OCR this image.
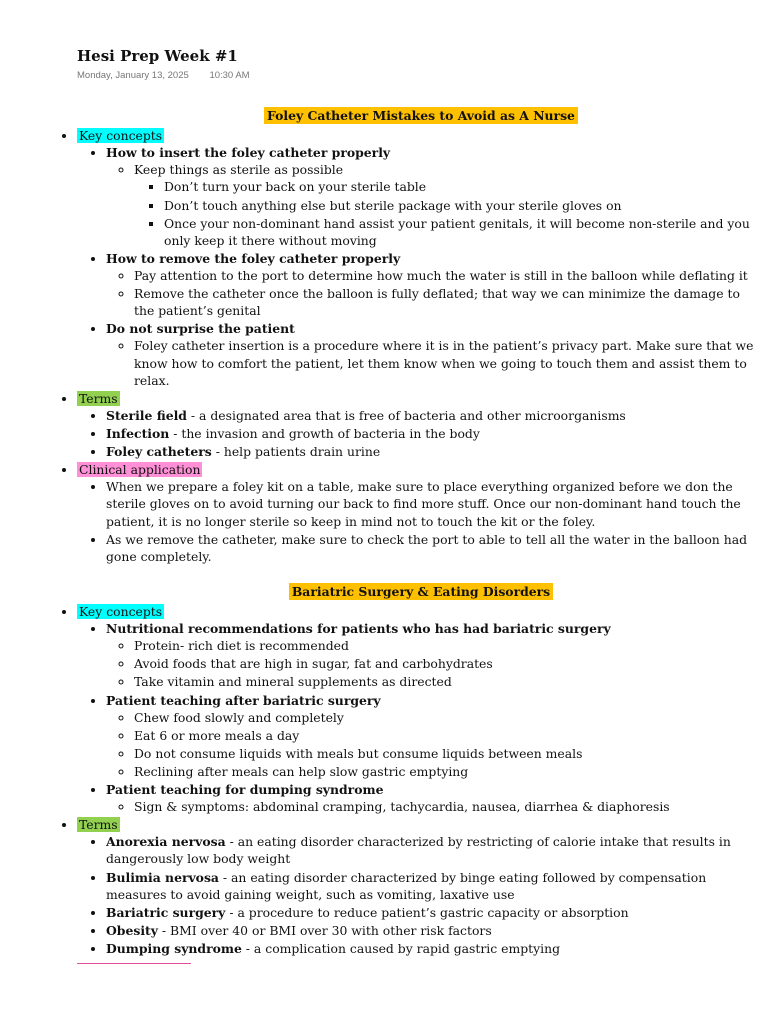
Hesi Prep Week #1
Monday, January 13, 2025 10:30 AM
Foley Catheter Mistakes to Avoid as A Nurse
• Key concepts
• How to insert the foley catheter properly
◦ Keep things as sterile as possible
▪ Don’t turn your back on your sterile table
▪ Don’t touch anything else but sterile package with your sterile gloves on
▪ Once your non-dominant hand assist your patient genitals, it will become non-sterile and you only keep it there without moving
• How to remove the foley catheter properly
◦ Pay attention to the port to determine how much the water is still in the balloon while deflating it
◦ Remove the catheter once the balloon is fully deflated; that way we can minimize the damage to the patient’s genital
• Do not surprise the patient
◦ Foley catheter insertion is a procedure where it is in the patient’s privacy part. Make sure that we know how to comfort the patient, let them know when we going to touch them and assist them to relax.
• Terms
• Sterile field - a designated area that is free of bacteria and other microorganisms
• Infection - the invasion and growth of bacteria in the body
• Foley catheters - help patients drain urine
• Clinical application
• When we prepare a foley kit on a table, make sure to place everything organized before we don the sterile gloves on to avoid turning our back to find more stuff. Once our non-dominant hand touch the patient, it is no longer sterile so keep in mind not to touch the kit or the foley.
• As we remove the catheter, make sure to check the port to able to tell all the water in the balloon had gone completely.
Bariatric Surgery & Eating Disorders
• Key concepts
• Nutritional recommendations for patients who has had bariatric surgery
◦ Protein- rich diet is recommended
◦ Avoid foods that are high in sugar, fat and carbohydrates
◦ Take vitamin and mineral supplements as directed
• Patient teaching after bariatric surgery
◦ Chew food slowly and completely
◦ Eat 6 or more meals a day
◦ Do not consume liquids with meals but consume liquids between meals
◦ Reclining after meals can help slow gastric emptying
• Patient teaching for dumping syndrome
◦ Sign & symptoms: abdominal cramping, tachycardia, nausea, diarrhea & diaphoresis
• Terms
• Anorexia nervosa - an eating disorder characterized by restricting of calorie intake that results in dangerously low body weight
• Bulimia nervosa - an eating disorder characterized by binge eating followed by compensation measures to avoid gaining weight, such as vomiting, laxative use
• Bariatric surgery - a procedure to reduce patient’s gastric capacity or absorption
• Obesity - BMI over 40 or BMI over 30 with other risk factors
• Dumping syndrome - a complication caused by rapid gastric emptying
